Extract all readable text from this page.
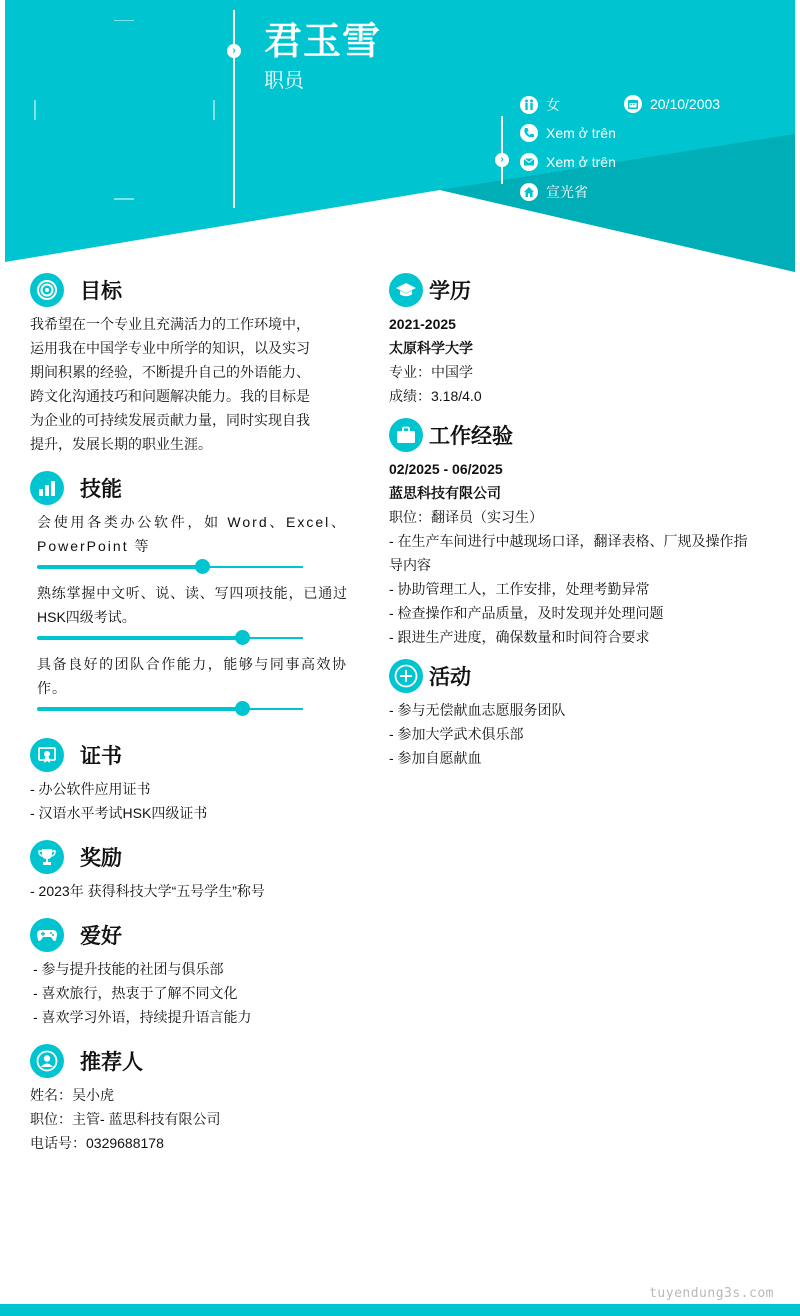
› 君玉雪
职员
›
女	20/10/2003
Xem ở trên
Xem ở trên
宣光省
目标
我希望在一个专业且充满活力的工作环境中，
运用我在中国学专业中所学的知识，以及实习
期间积累的经验，不断提升自己的外语能力、
跨文化沟通技巧和问题解决能力。我的目标是
为企业的可持续发展贡献力量，同时实现自我
提升，发展长期的职业生涯。
技能
会使用各类办公软件，如 Word、Excel、PowerPoint 等
熟练掌握中文听、说、读、写四项技能，已通过HSK四级考试。
具备良好的团队合作能力，能够与同事高效协作。
证书
- 办公软件应用证书
- 汉语水平考试HSK四级证书
奖励
- 2023年 获得科技大学“五号学生”称号
爱好
- 参与提升技能的社团与俱乐部
- 喜欢旅行，热衷于了解不同文化
- 喜欢学习外语，持续提升语言能力
推荐人
姓名：吴小虎
职位：主管- 蓝思科技有限公司
电话号：0329688178
学历
2021-2025
太原科学大学
专业：中国学
成绩：3.18/4.0
工作经验
02/2025 - 06/2025
蓝思科技有限公司
职位：翻译员（实习生）
- 在生产车间进行中越现场口译，翻译表格、厂规及操作指
导内容
- 协助管理工人，工作安排，处理考勤异常
- 检查操作和产品质量，及时发现并处理问题
- 跟进生产进度，确保数量和时间符合要求
活动
- 参与无偿献血志愿服务团队
- 参加大学武术俱乐部
- 参加自愿献血
tuyendung3s.com
